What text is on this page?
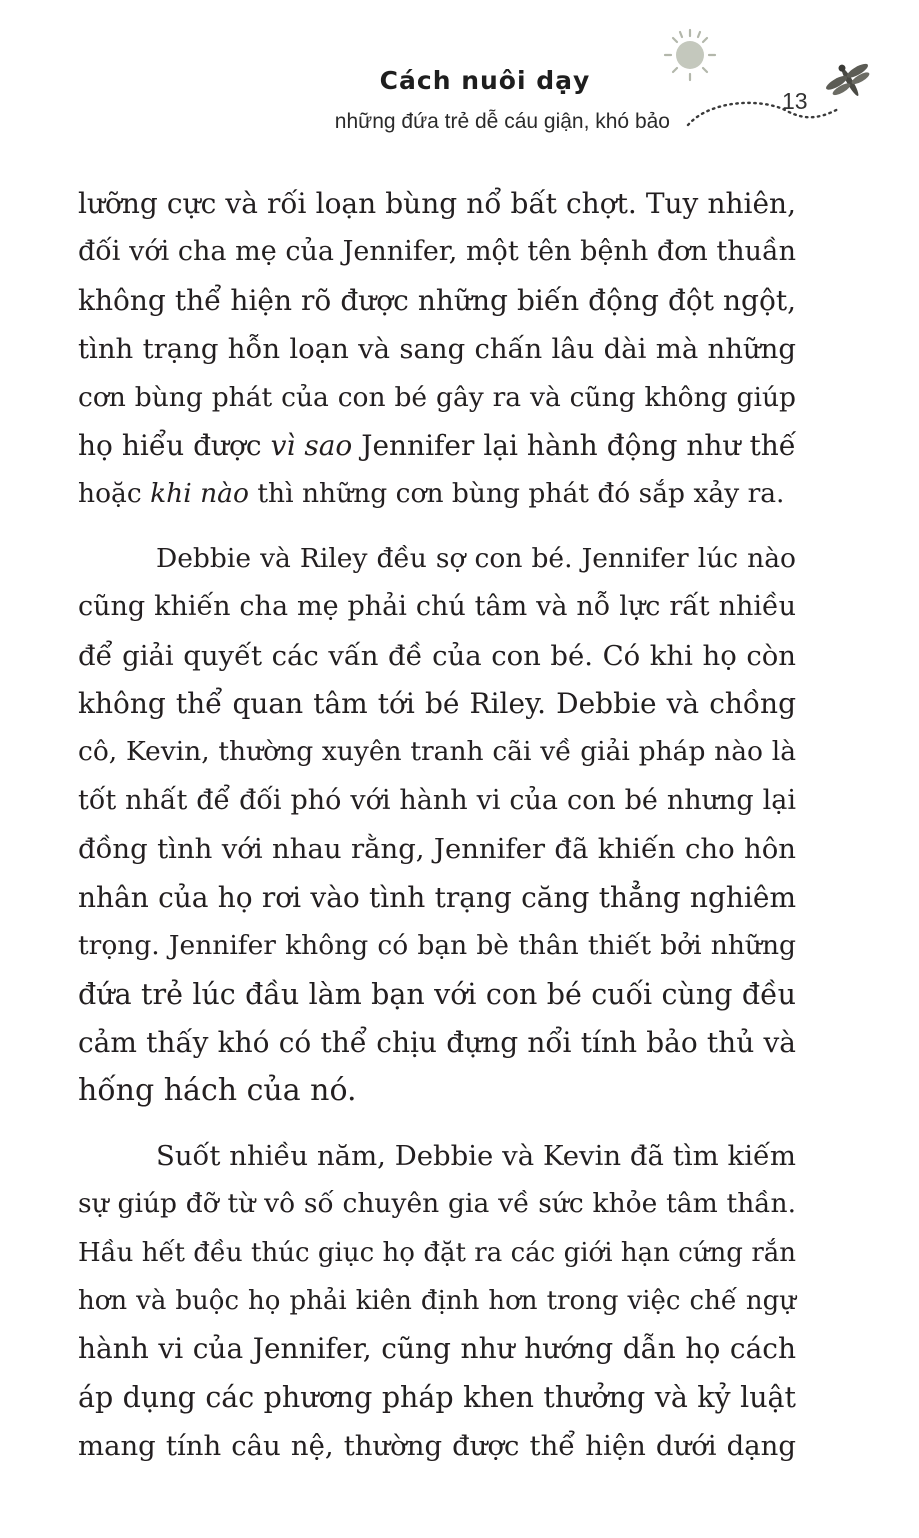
Cách nuôi dạy
những đứa trẻ dễ cáu giận, khó bảo
13

lưỡng cực và rối loạn bùng nổ bất chợt. Tuy nhiên,
đối với cha mẹ của Jennifer, một tên bệnh đơn thuần
không thể hiện rõ được những biến động đột ngột,
tình trạng hỗn loạn và sang chấn lâu dài mà những
cơn bùng phát của con bé gây ra và cũng không giúp
họ hiểu được vì sao Jennifer lại hành động như thế
hoặc khi nào thì những cơn bùng phát đó sắp xảy ra.

Debbie và Riley đều sợ con bé. Jennifer lúc nào
cũng khiến cha mẹ phải chú tâm và nỗ lực rất nhiều
để giải quyết các vấn đề của con bé. Có khi họ còn
không thể quan tâm tới bé Riley. Debbie và chồng
cô, Kevin, thường xuyên tranh cãi về giải pháp nào là
tốt nhất để đối phó với hành vi của con bé nhưng lại
đồng tình với nhau rằng, Jennifer đã khiến cho hôn
nhân của họ rơi vào tình trạng căng thẳng nghiêm
trọng. Jennifer không có bạn bè thân thiết bởi những
đứa trẻ lúc đầu làm bạn với con bé cuối cùng đều
cảm thấy khó có thể chịu đựng nổi tính bảo thủ và
hống hách của nó.

Suốt nhiều năm, Debbie và Kevin đã tìm kiếm
sự giúp đỡ từ vô số chuyên gia về sức khỏe tâm thần.
Hầu hết đều thúc giục họ đặt ra các giới hạn cứng rắn
hơn và buộc họ phải kiên định hơn trong việc chế ngự
hành vi của Jennifer, cũng như hướng dẫn họ cách
áp dụng các phương pháp khen thưởng và kỷ luật
mang tính câu nệ, thường được thể hiện dưới dạng
